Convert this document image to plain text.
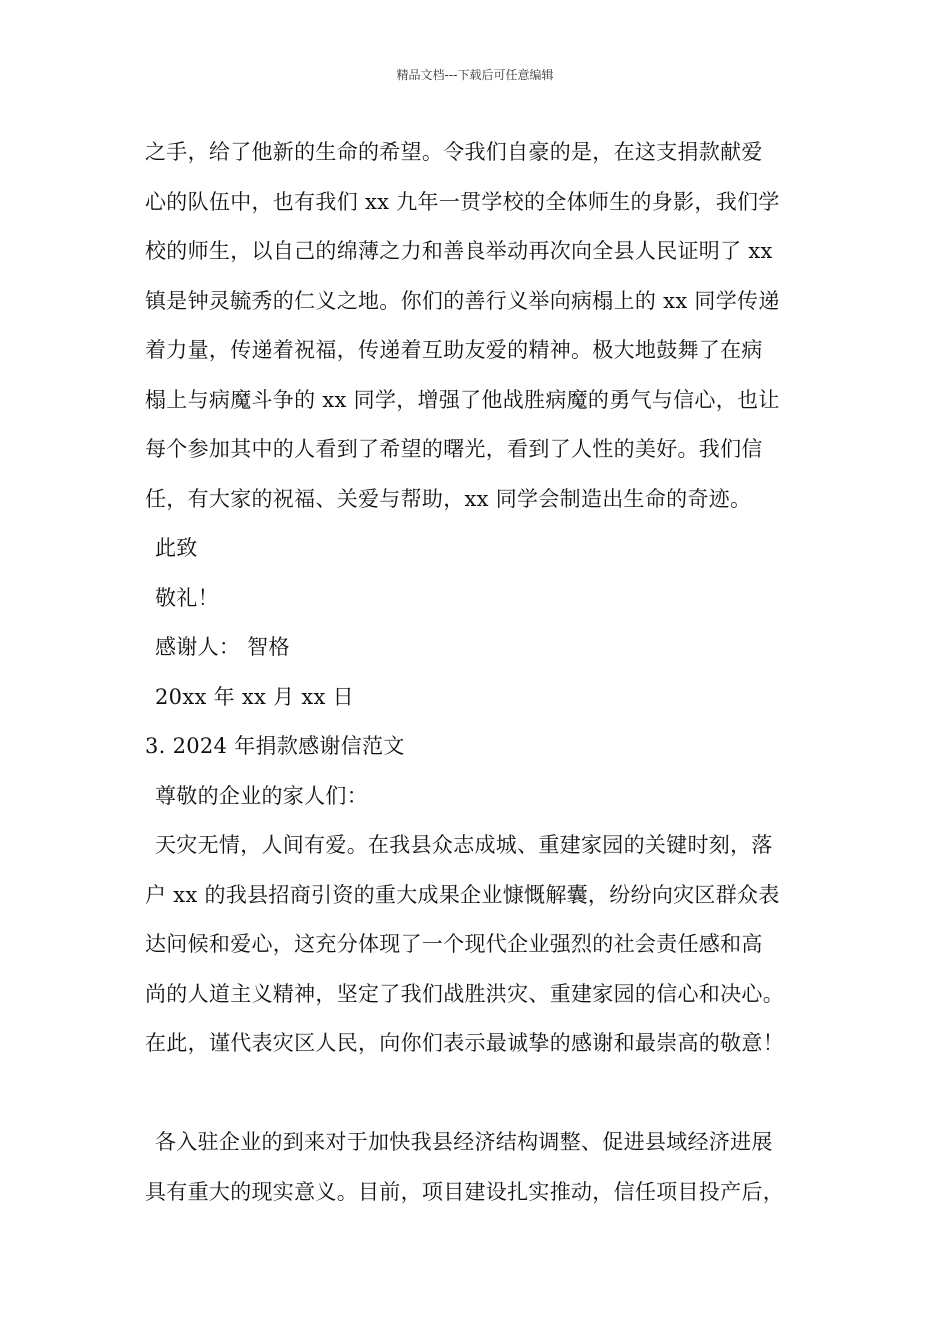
精品文档---下载后可任意编辑
之手，给了他新的生命的希望。令我们自豪的是，在这支捐款献爱
心的队伍中，也有我们 xx 九年一贯学校的全体师生的身影，我们学
校的师生，以自己的绵薄之力和善良举动再次向全县人民证明了 xx
镇是钟灵毓秀的仁义之地。你们的善行义举向病榻上的 xx 同学传递
着力量，传递着祝福，传递着互助友爱的精神。极大地鼓舞了在病
榻上与病魔斗争的 xx 同学，增强了他战胜病魔的勇气与信心，也让
每个参加其中的人看到了希望的曙光，看到了人性的美好。我们信
任，有大家的祝福、关爱与帮助，xx 同学会制造出生命的奇迹。
此致
敬礼！
感谢人： 智格
20xx 年 xx 月 xx 日
3. 2024 年捐款感谢信范文
尊敬的企业的家人们：
天灾无情，人间有爱。在我县众志成城、重建家园的关键时刻，落
户 xx 的我县招商引资的重大成果企业慷慨解囊，纷纷向灾区群众表
达问候和爱心，这充分体现了一个现代企业强烈的社会责任感和高
尚的人道主义精神，坚定了我们战胜洪灾、重建家园的信心和决心。
在此，谨代表灾区人民，向你们表示最诚挚的感谢和最崇高的敬意！
各入驻企业的到来对于加快我县经济结构调整、促进县域经济进展
具有重大的现实意义。目前，项目建设扎实推动，信任项目投产后，
